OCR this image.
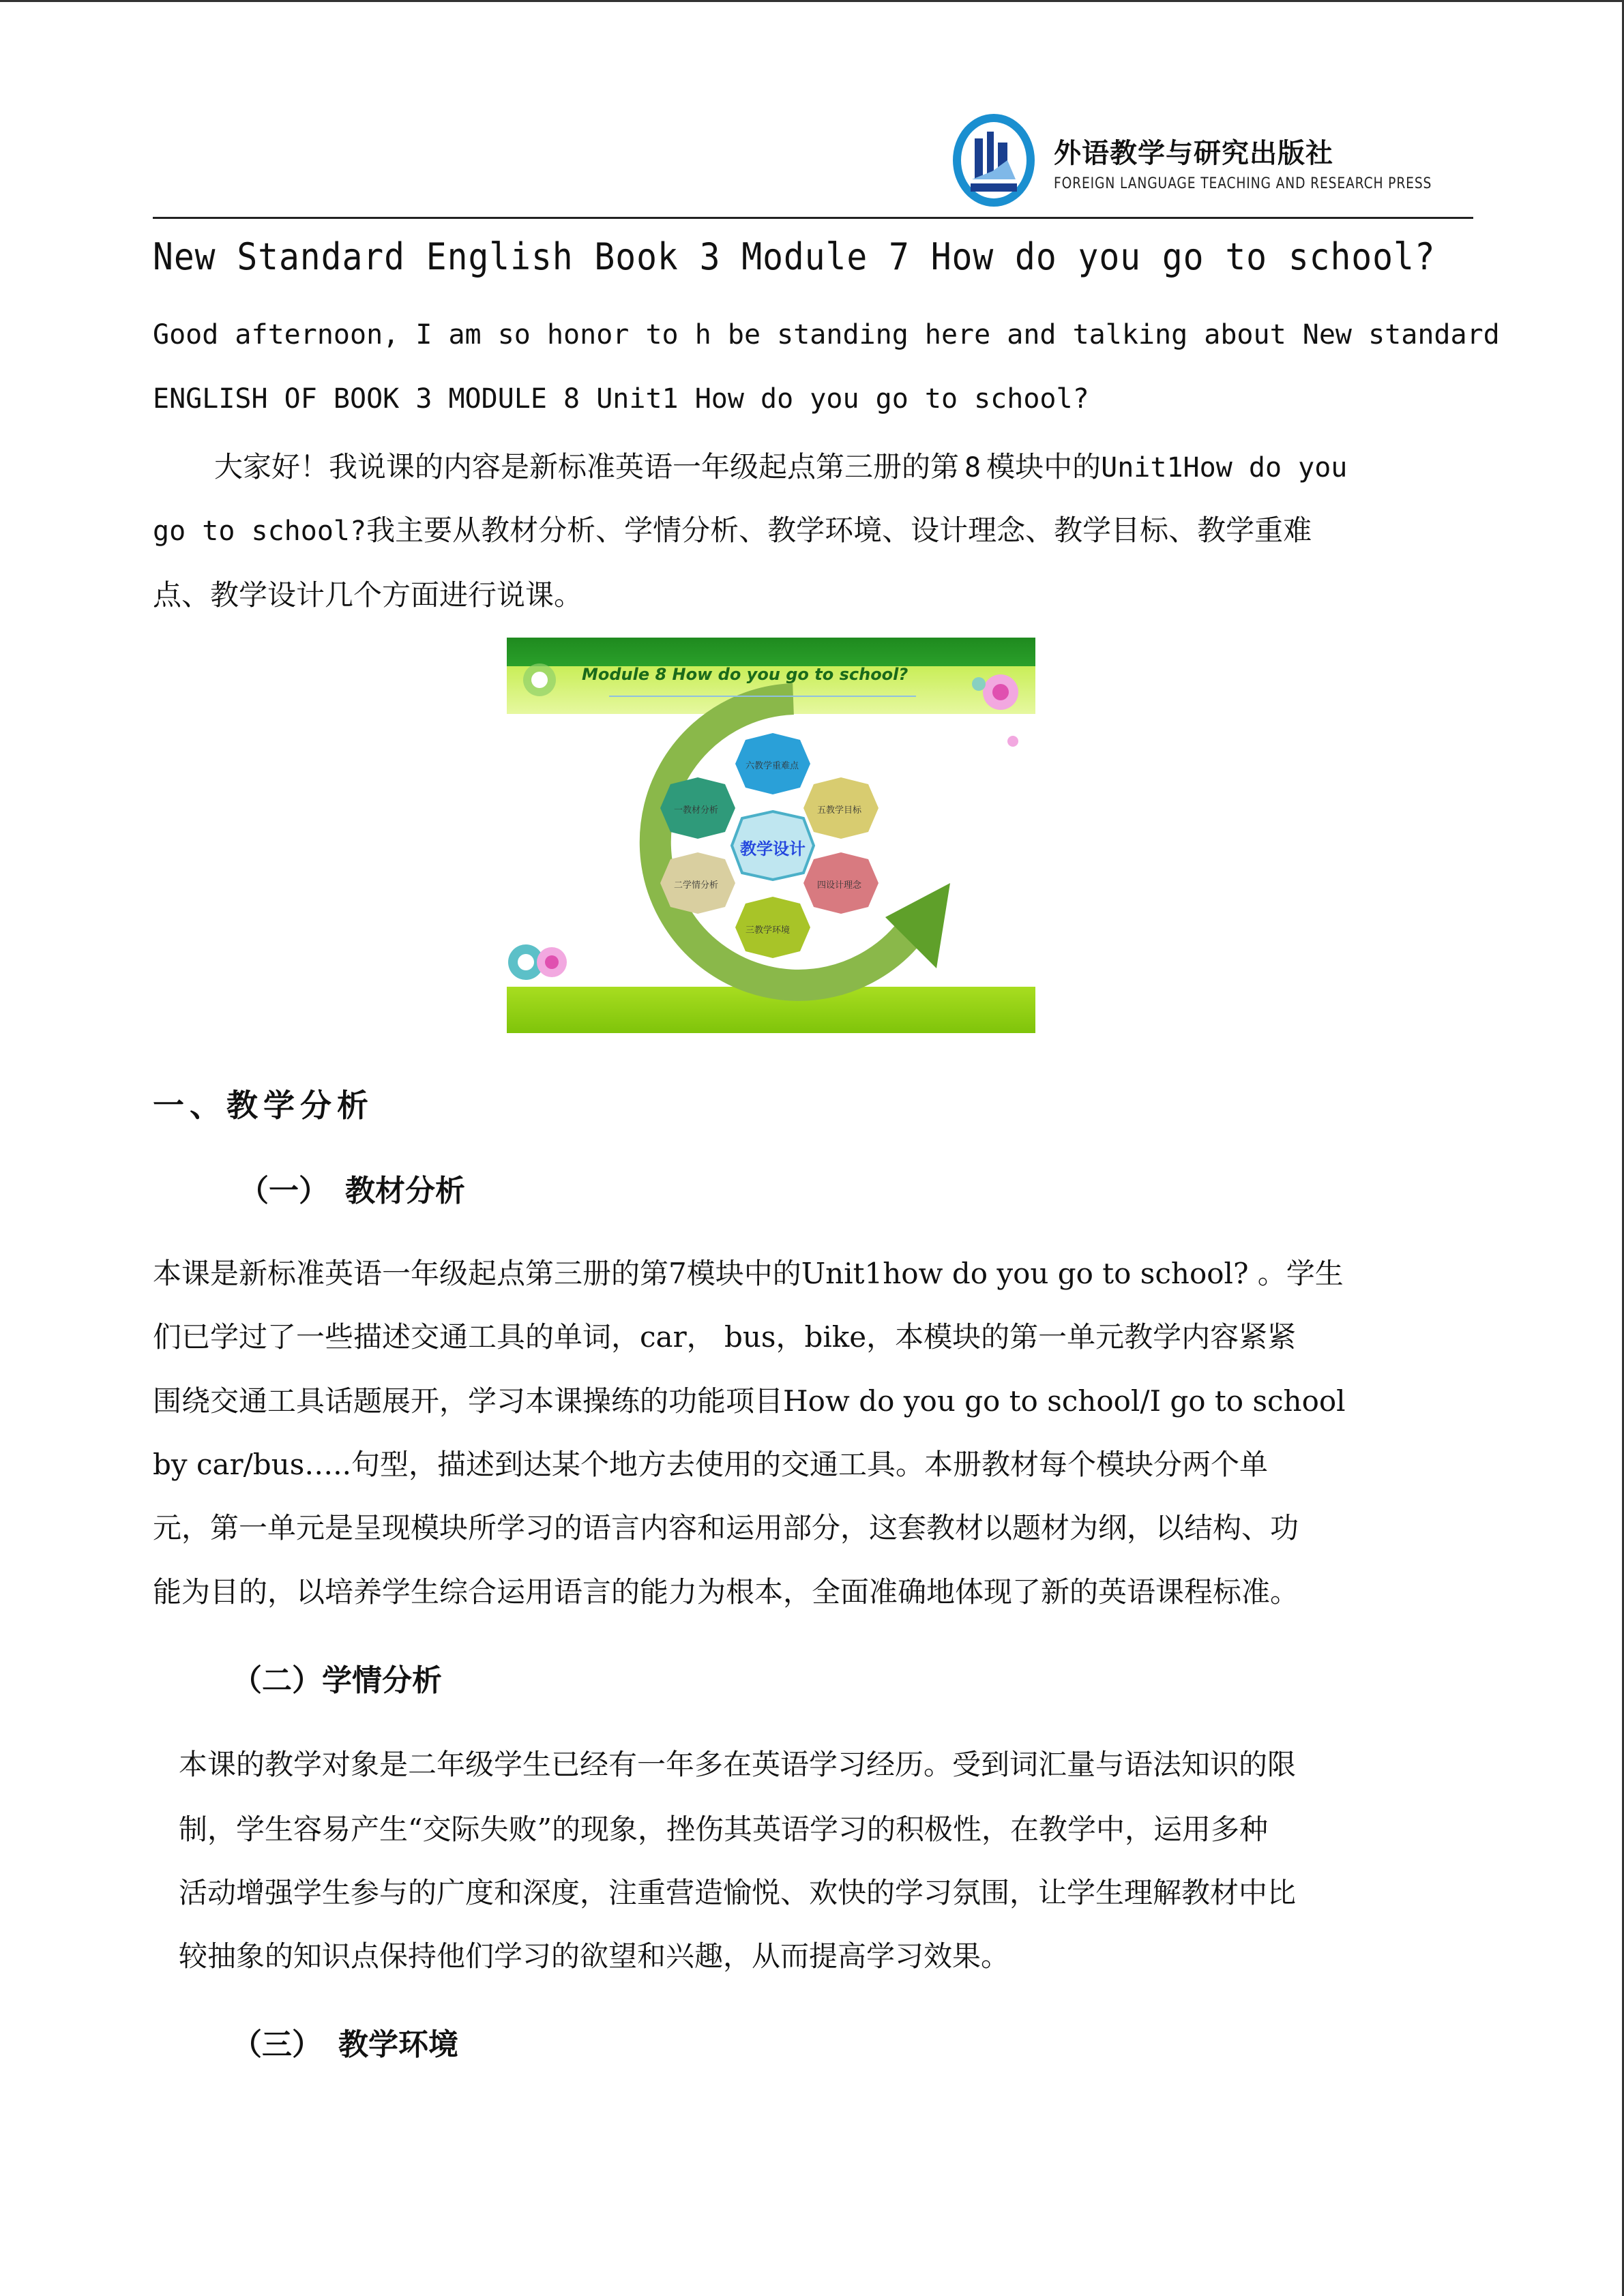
外语教学与研究出版社
FOREIGN LANGUAGE TEACHING AND RESEARCH PRESS
New Standard English Book 3 Module 7 How do you go to school?
Good afternoon, I am so honor to h be standing here and talking about New standard
ENGLISH OF BOOK 3 MODULE 8 Unit1 How do you go to school?
大家好！我说课的内容是新标准英语一年级起点第三册的第 8 模块中的Unit1How do you
go to school?我主要从教材分析、学情分析、教学环境、设计理念、教学目标、教学重难
点、教学设计几个方面进行说课。
Module 8 How do you go to school?
教学设计
六教学重难点
五教学目标
四设计理念
三教学环境
二学情分析
一教材分析
一、教学分析
（一） 教材分析
本课是新标准英语一年级起点第三册的第7模块中的Unit1how do you go to school? 。学生
们已学过了一些描述交通工具的单词，car， bus，bike，本模块的第一单元教学内容紧紧
围绕交通工具话题展开，学习本课操练的功能项目How do you go to school/I go to school
by car/bus…..句型，描述到达某个地方去使用的交通工具。本册教材每个模块分两个单
元，第一单元是呈现模块所学习的语言内容和运用部分，这套教材以题材为纲，以结构、功
能为目的，以培养学生综合运用语言的能力为根本，全面准确地体现了新的英语课程标准。
（二）学情分析
本课的教学对象是二年级学生已经有一年多在英语学习经历。受到词汇量与语法知识的限
制，学生容易产生“交际失败”的现象，挫伤其英语学习的积极性，在教学中，运用多种
活动增强学生参与的广度和深度，注重营造愉悦、欢快的学习氛围，让学生理解教材中比
较抽象的知识点保持他们学习的欲望和兴趣，从而提高学习效果。
（三） 教学环境
